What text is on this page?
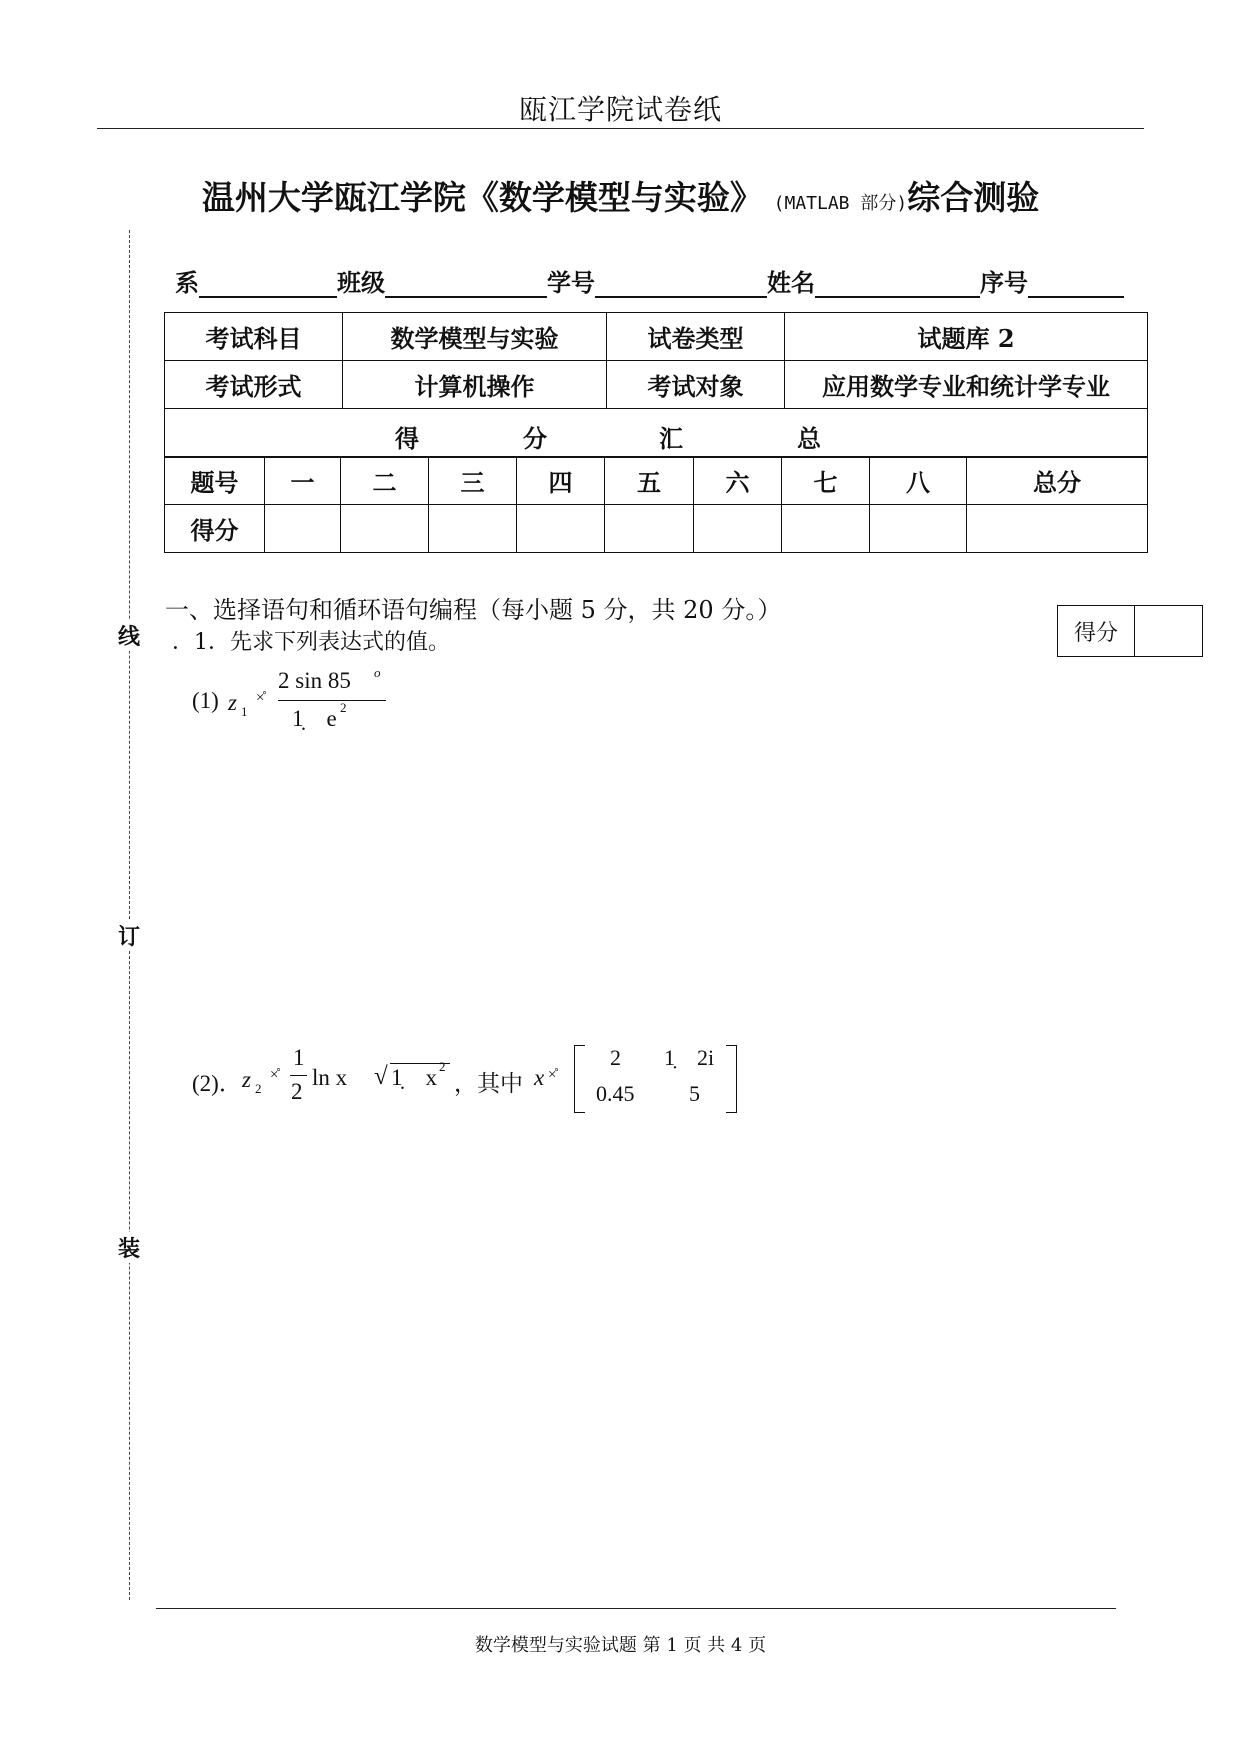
瓯江学院试卷纸
温州大学瓯江学院《数学模型与实验》 (MATLAB 部分)综合测验
系	班级	学号	姓名	序号
考试科目	数学模型与实验	试卷类型	试题库 2
考试形式	计算机操作	考试对象	应用数学专业和统计学专业

得 分 汇 总			
题号	一	二	三	四	五	六	七	八	总分
得分									
一、选择语句和循环语句编程（每小题 5 分，共 20 分。）
．1．先求下列表达式的值。	得分
(1) z 1
×̊
2 sin 85 o
1̣    e 2
(2)． z 2
×̊
1
2
ln x √ 1̣    x 2
，其中 x ×̊
2 1̣    2i
0.45 5
线
订
装
数学模型与实验试题 第 1 页 共 4 页
